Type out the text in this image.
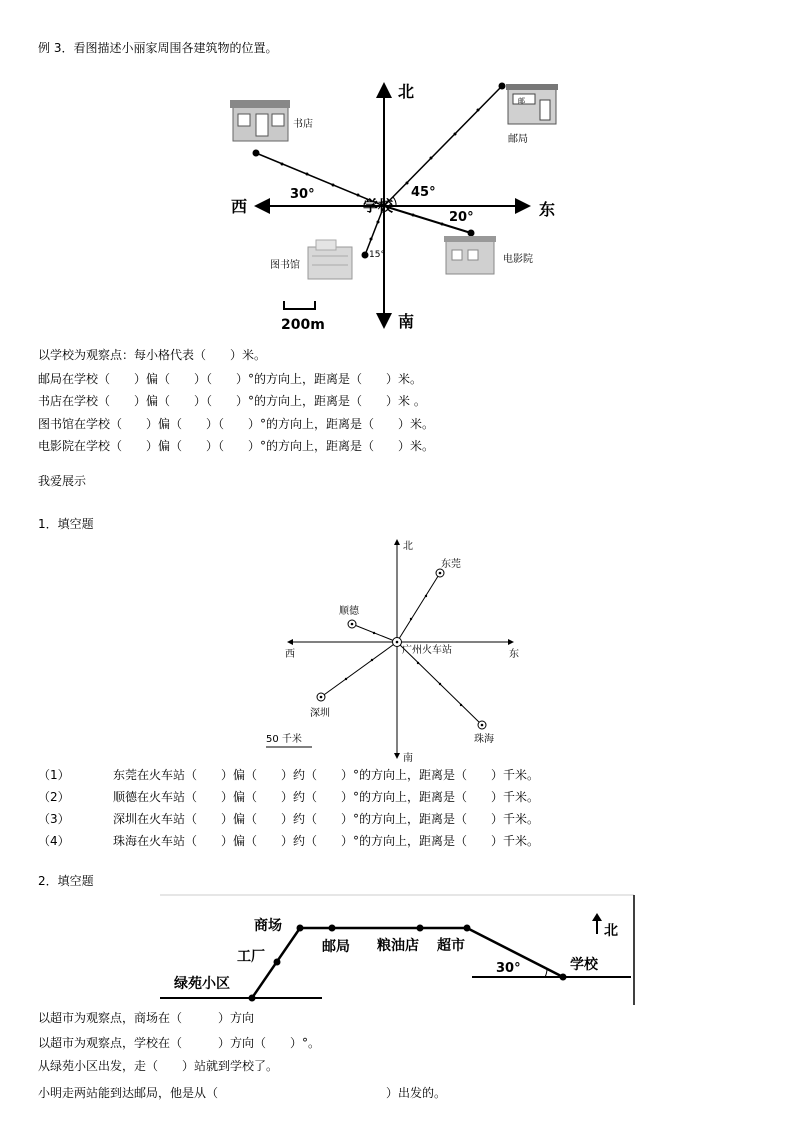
例 3．看图描述小丽家周围各建筑物的位置。
北
南
西	东
学校
30°	45°
20°
15°
书店
邮
邮局
图书馆
电影院
200m
以学校为观察点：每小格代表（　　）米。
邮局在学校（　　）偏（　　）（　　）°的方向上，距离是（　　）米。
书店在学校（　　）偏（　　）（　　）°的方向上，距离是（　　）米 。
图书馆在学校（　　）偏（　　）（　　）°的方向上，距离是（　　）米。
电影院在学校（　　）偏（　　）（　　）°的方向上，距离是（　　）米。
我爱展示
1．填空题
北
南
西	东
东莞
顺德
广州火车站
深圳
珠海
50 千米
（1）	东莞在火车站（　　）偏（　　）约（　　）°的方向上，距离是（　　）千米。
（2）	顺德在火车站（　　）偏（　　）约（　　）°的方向上，距离是（　　）千米。
（3）	深圳在火车站（　　）偏（　　）约（　　）°的方向上，距离是（　　）千米。
（4）	珠海在火车站（　　）偏（　　）约（　　）°的方向上，距离是（　　）千米。
2．填空题
商场
工厂
绿苑小区
邮局 粮油店 超市
学校
30°
北
以超市为观察点，商场在（　　　）方向
以超市为观察点，学校在（　　　）方向（　　）°。
从绿苑小区出发，走（　　）站就到学校了。
小明走两站能到达邮局，他是从（　　　　　　　　　　　　　　）出发的。
